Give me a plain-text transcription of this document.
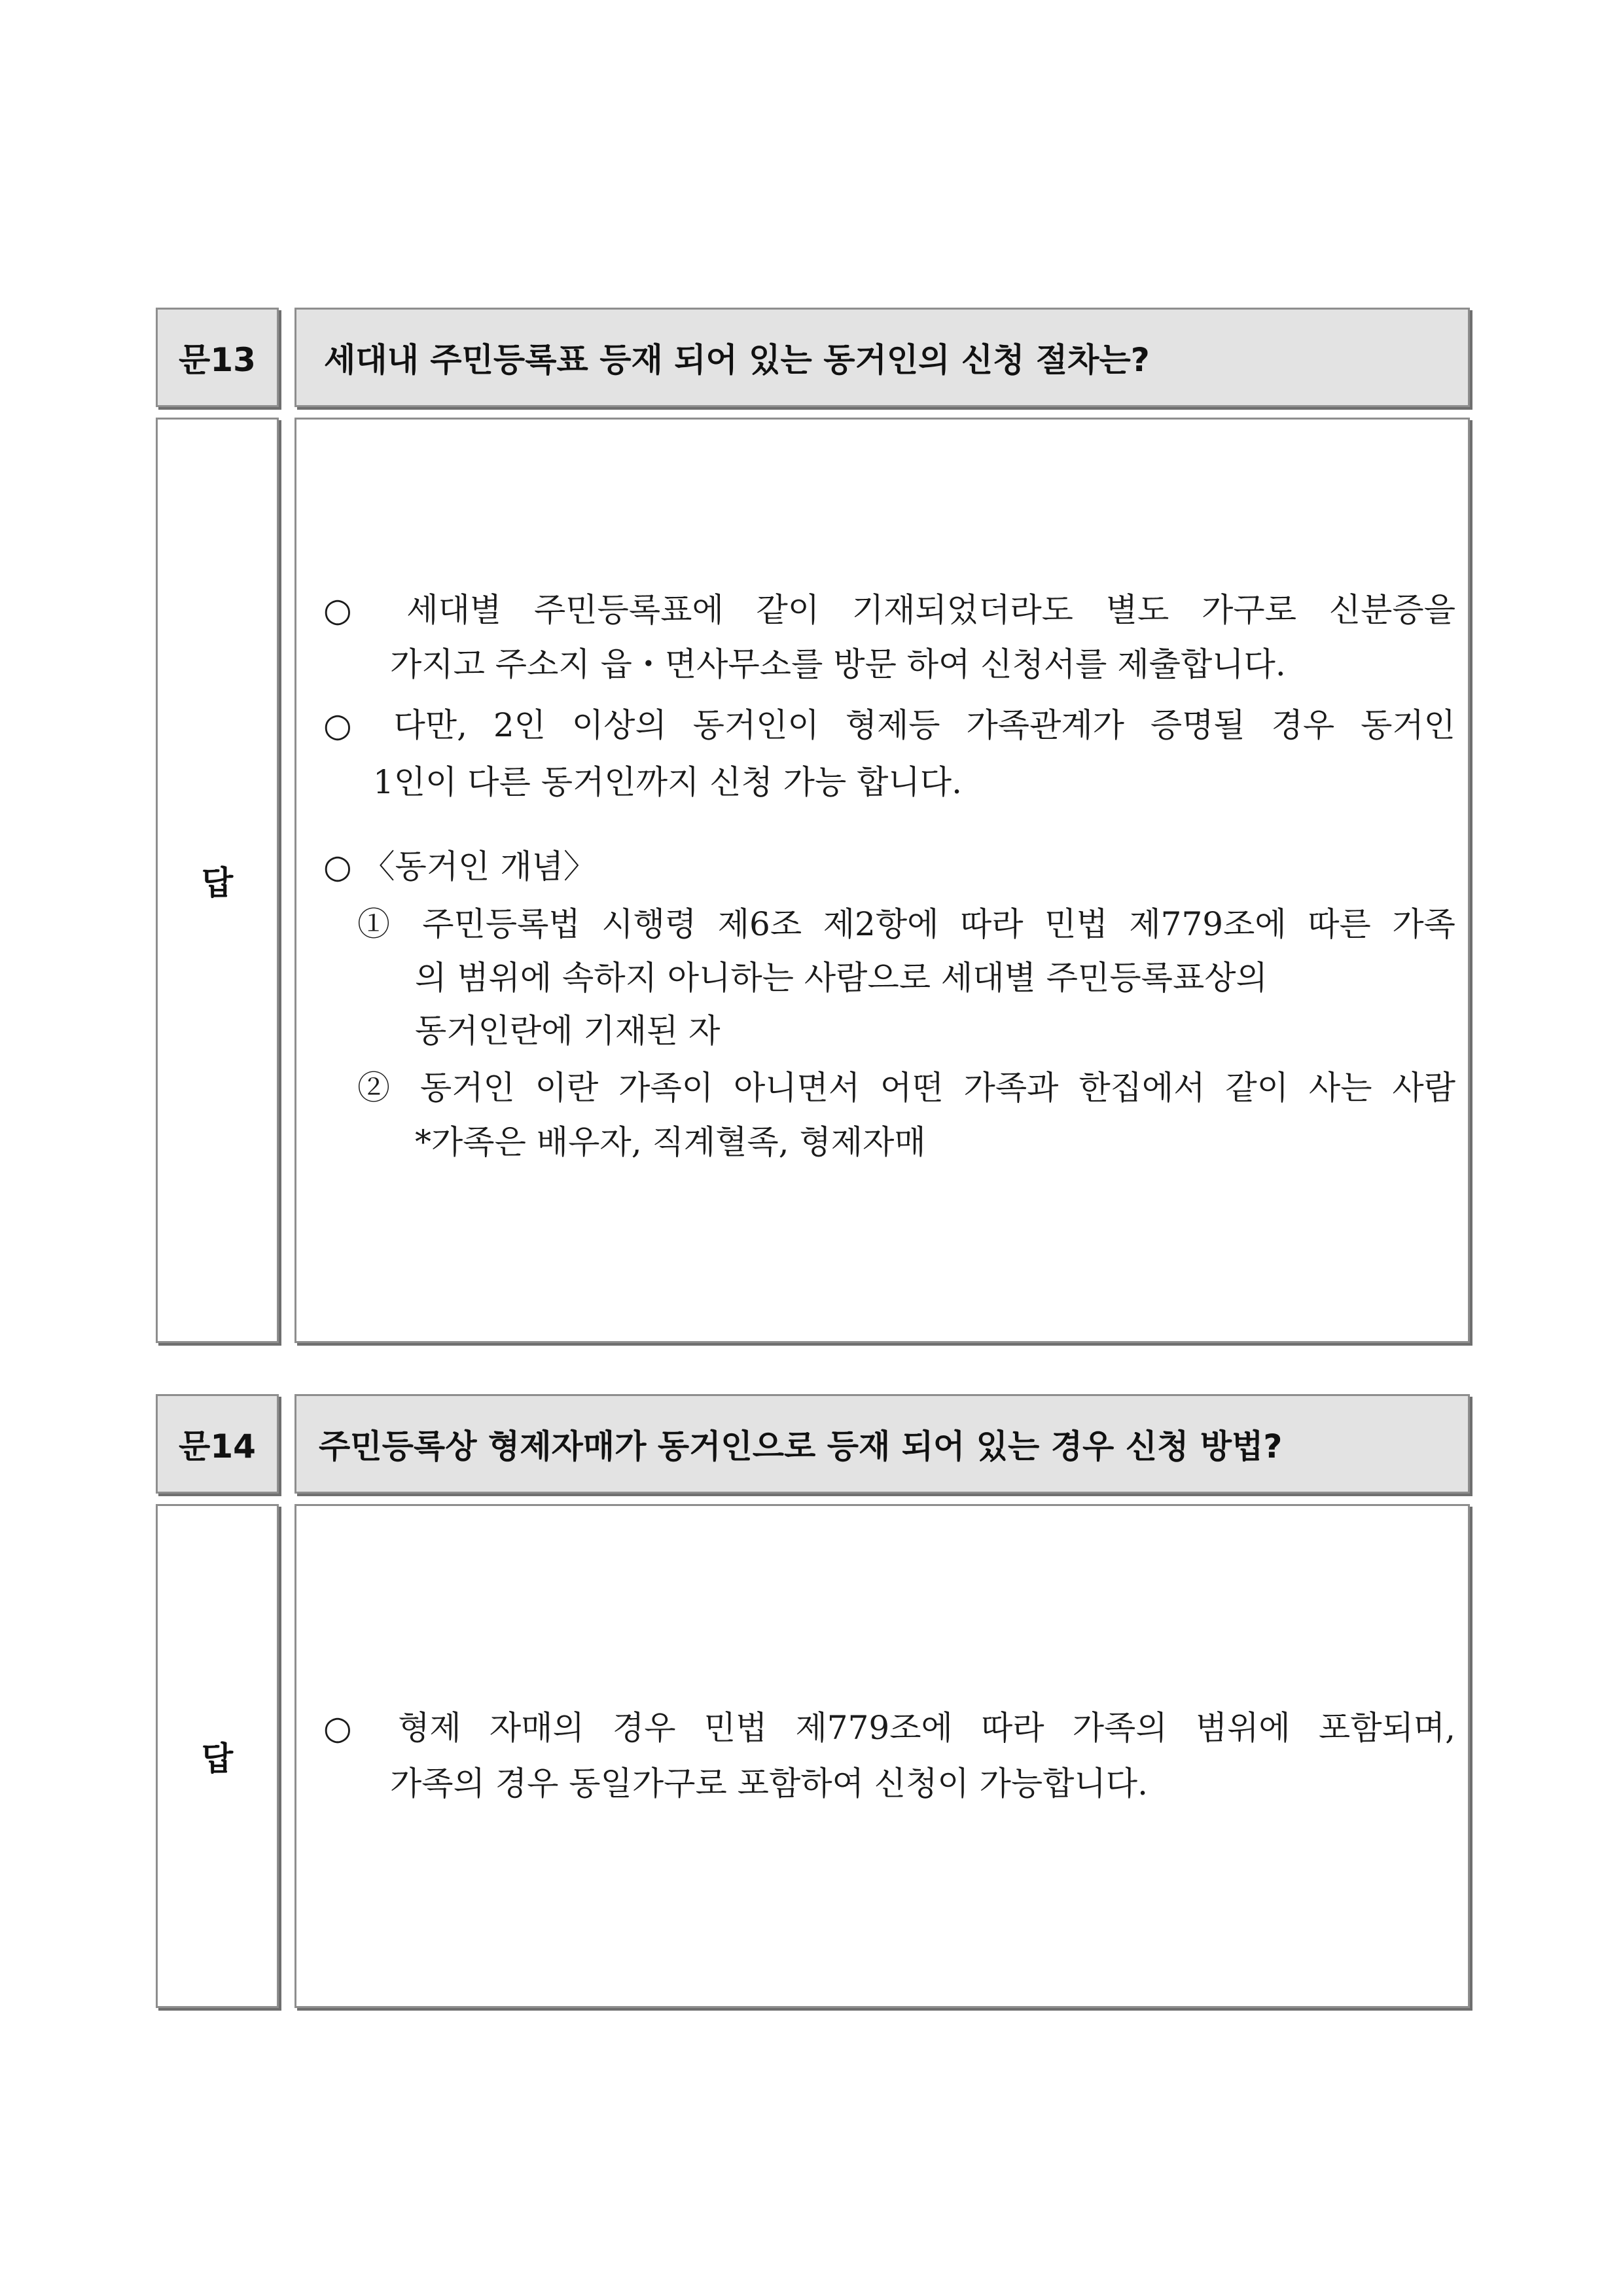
문13 세대내 주민등록표 등재 되어 있는 동거인의 신청 절차는?
답
○ 세대별 주민등록표에 같이 기재되었더라도 별도 가구로 신분증을
가지고 주소지 읍・면사무소를 방문 하여 신청서를 제출합니다.
○ 다만, 2인 이상의 동거인이 형제등 가족관계가 증명될 경우 동거인
1인이 다른 동거인까지 신청 가능 합니다.
○ 〈동거인 개념〉
① 주민등록법 시행령 제6조 제2항에 따라 민법 제779조에 따른 가족
의 범위에 속하지 아니하는 사람으로 세대별 주민등록표상의
동거인란에 기재된 자
② 동거인 이란 가족이 아니면서 어떤 가족과 한집에서 같이 사는 사람
*가족은 배우자, 직계혈족, 형제자매
문14 주민등록상 형제자매가 동거인으로 등재 되어 있는 경우 신청 방법?
답
○ 형제 자매의 경우 민법 제779조에 따라 가족의 범위에 포함되며,
가족의 경우 동일가구로 포함하여 신청이 가능합니다.
